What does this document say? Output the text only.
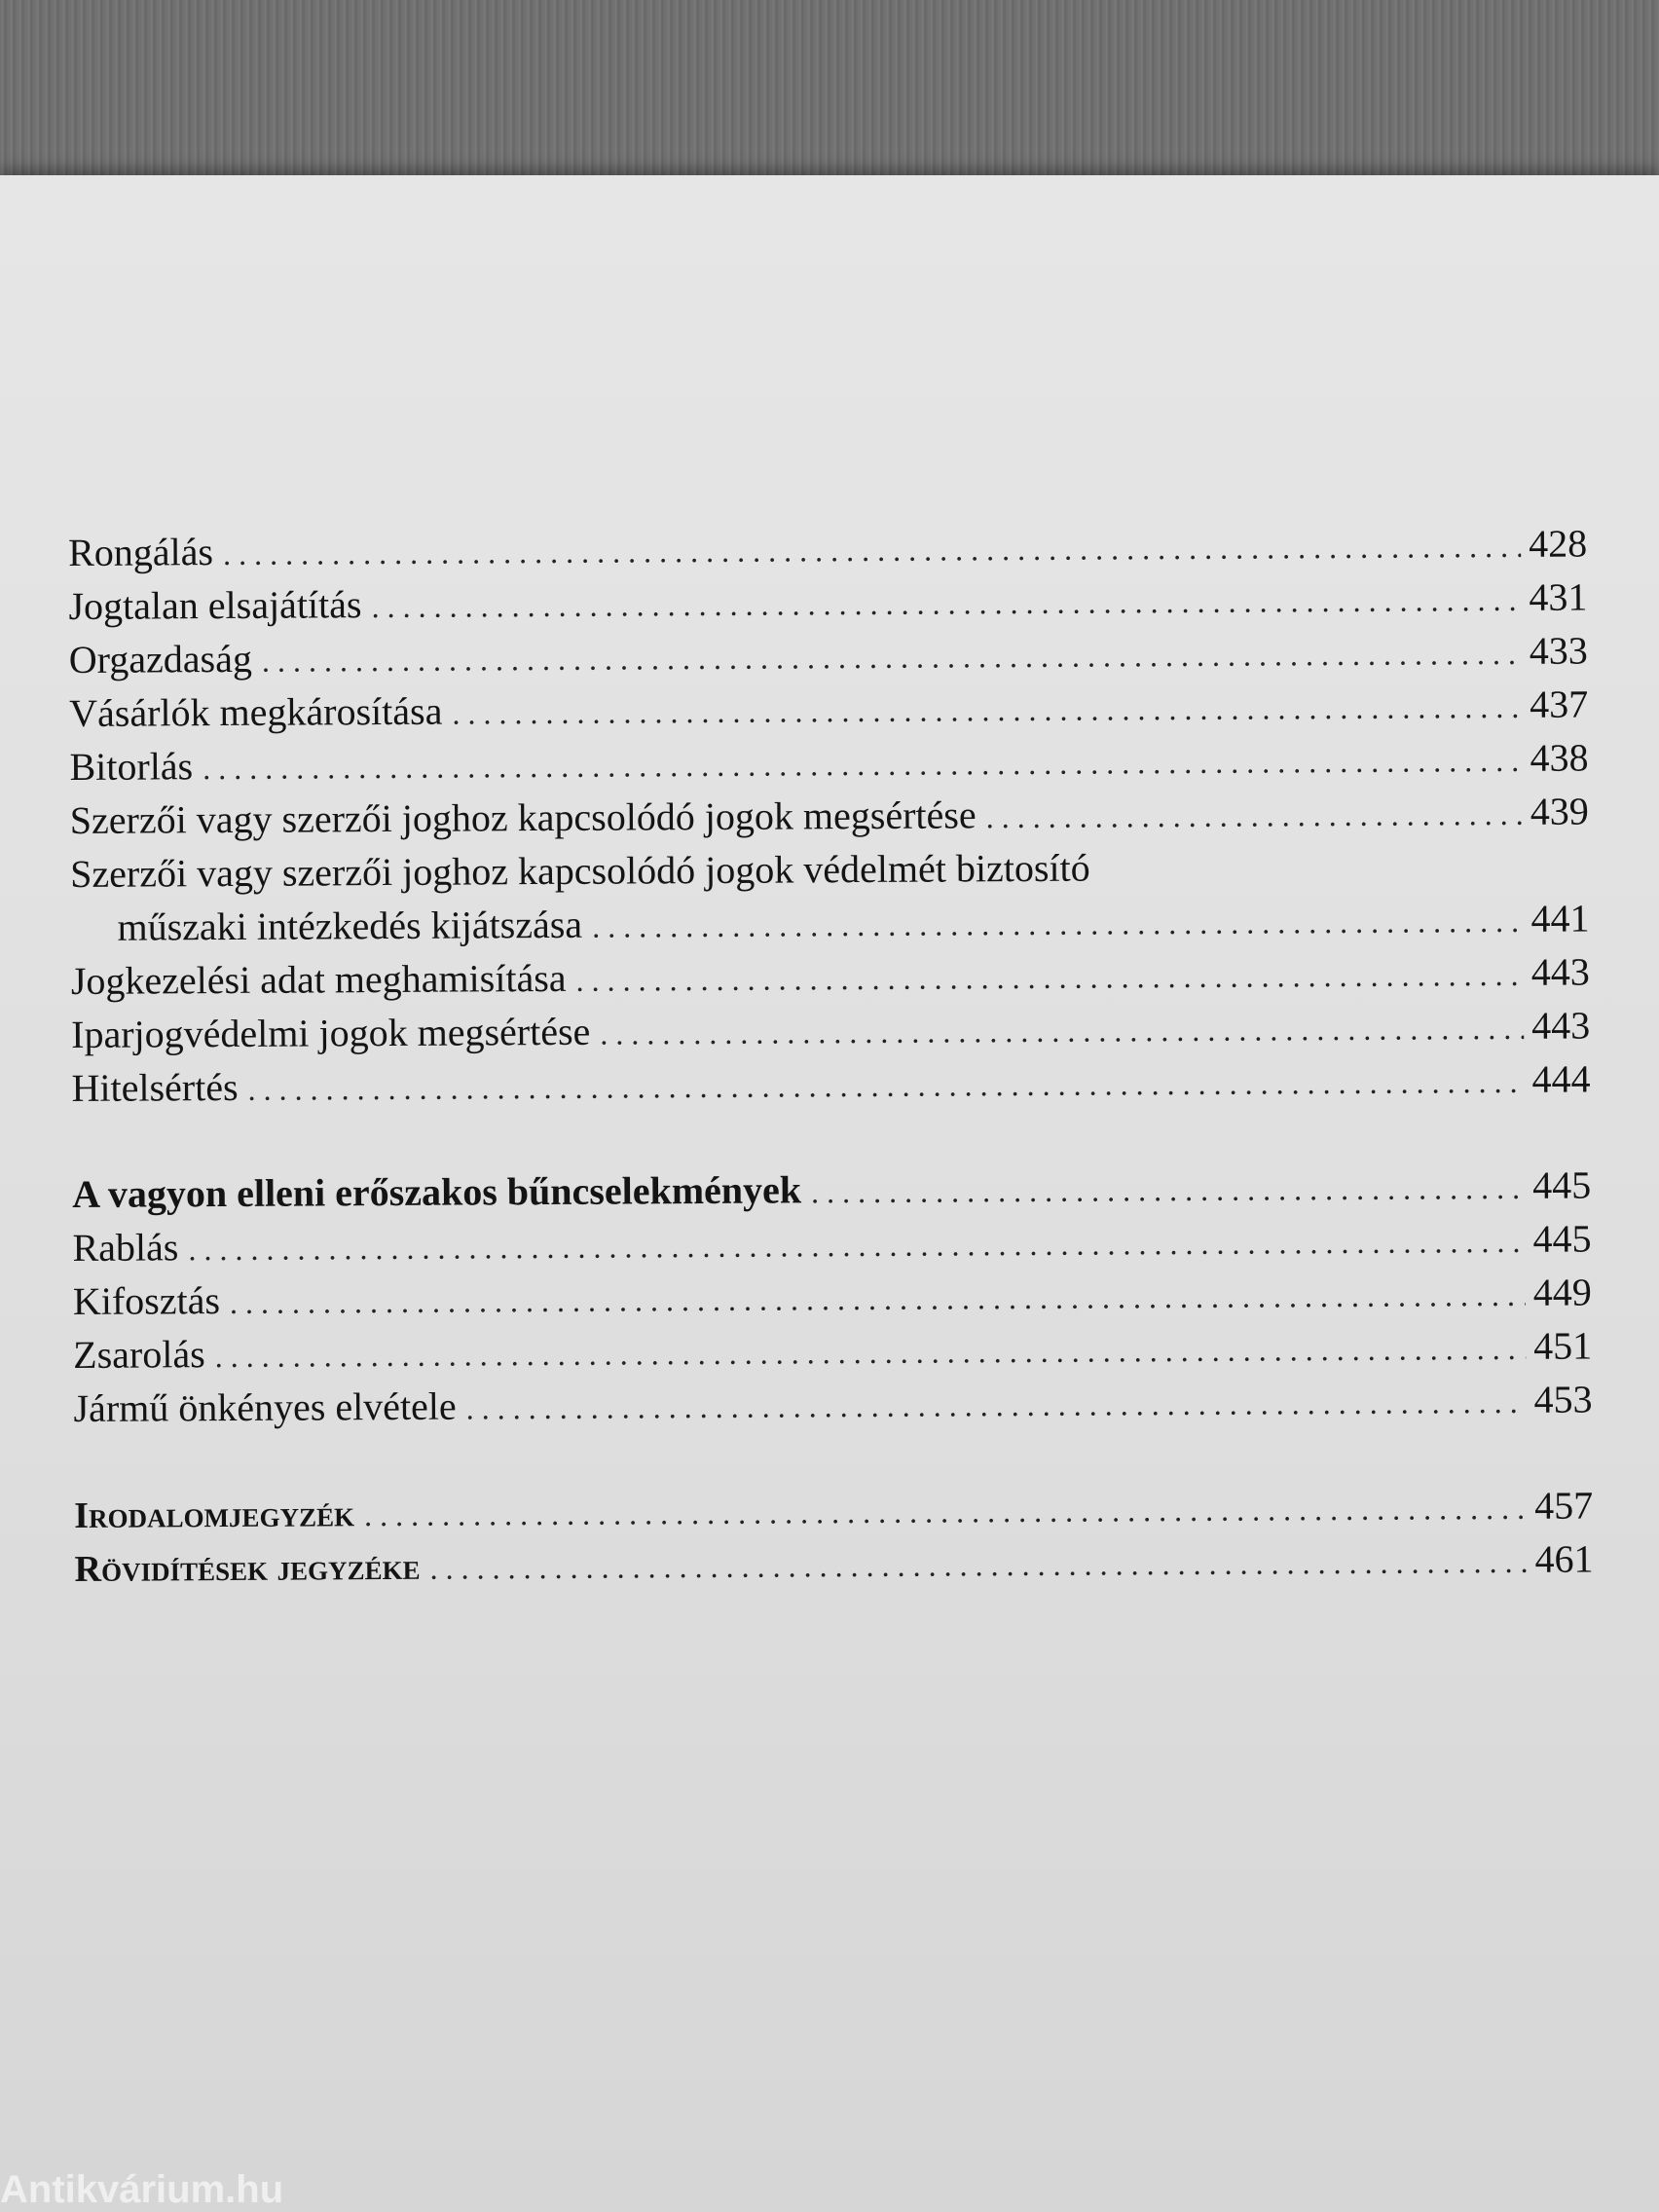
Rongálás . . .	428
Jogtalan elsajátítás . . .	431
Orgazdaság . . .	433
Vásárlók megkárosítása . . .	437
Bitorlás . . .	438
Szerzői vagy szerzői joghoz kapcsolódó jogok megsértése . . .	439
Szerzői vagy szerzői joghoz kapcsolódó jogok védelmét biztosító
műszaki intézkedés kijátszása . . .	441
Jogkezelési adat meghamisítása . . .	443
Iparjogvédelmi jogok megsértése . . .	443
Hitelsértés . . .	444
A vagyon elleni erőszakos bűncselekmények . . .	445
Rablás . . .	445
Kifosztás . . .	449
Zsarolás . . .	451
Jármű önkényes elvétele . . .	453
Irodalomjegyzék . . .	457
Rövidítések jegyzéke . . .	461
Antikvárium.hu
